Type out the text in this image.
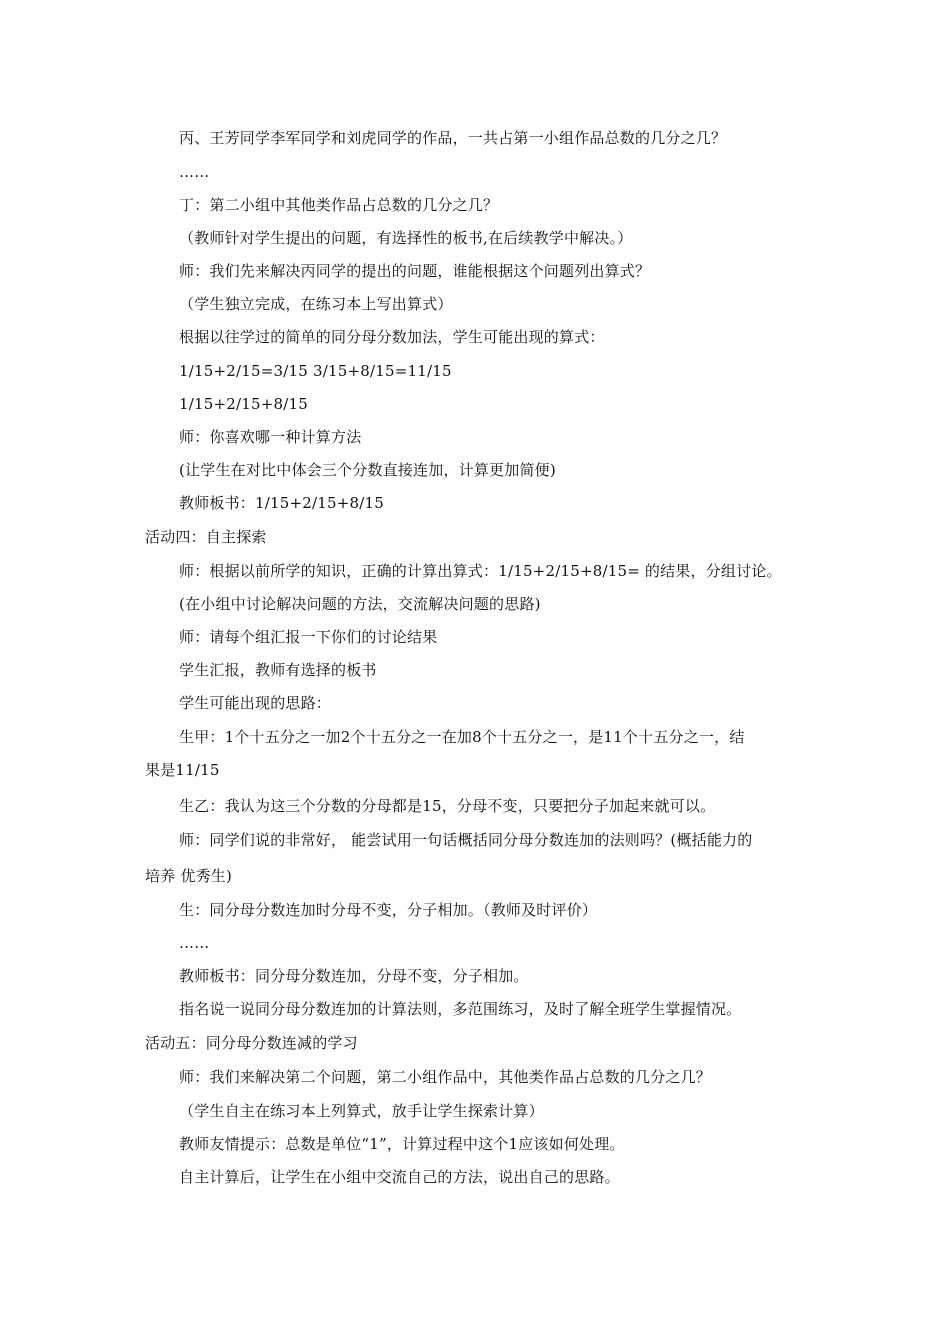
丙、王芳同学李军同学和刘虎同学的作品，一共占第一小组作品总数的几分之几？
……
丁：第二小组中其他类作品占总数的几分之几？
（教师针对学生提出的问题，有选择性的板书,在后续教学中解决。）
师：我们先来解决丙同学的提出的问题，谁能根据这个问题列出算式？
（学生独立完成，在练习本上写出算式）
根据以往学过的简单的同分母分数加法，学生可能出现的算式：
1/15+2/15=3/15 3/15+8/15=11/15
1/15+2/15+8/15
师：你喜欢哪一种计算方法
(让学生在对比中体会三个分数直接连加，计算更加简便)
教师板书：1/15+2/15+8/15
活动四：自主探索
师：根据以前所学的知识，正确的计算出算式：1/15+2/15+8/15= 的结果，分组讨论。
(在小组中讨论解决问题的方法，交流解决问题的思路)
师：请每个组汇报一下你们的讨论结果
学生汇报，教师有选择的板书
学生可能出现的思路：
生甲：1个十五分之一加2个十五分之一在加8个十五分之一，是11个十五分之一，结
果是11/15
生乙：我认为这三个分数的分母都是15，分母不变，只要把分子加起来就可以。
师：同学们说的非常好， 能尝试用一句话概括同分母分数连加的法则吗？(概括能力的
培养 优秀生)
生：同分母分数连加时分母不变，分子相加。（教师及时评价）
……
教师板书：同分母分数连加，分母不变，分子相加。
指名说一说同分母分数连加的计算法则，多范围练习，及时了解全班学生掌握情况。
活动五：同分母分数连减的学习
师：我们来解决第二个问题，第二小组作品中，其他类作品占总数的几分之几？
（学生自主在练习本上列算式，放手让学生探索计算）
教师友情提示：总数是单位“1”，计算过程中这个1应该如何处理。
自主计算后，让学生在小组中交流自己的方法，说出自己的思路。
